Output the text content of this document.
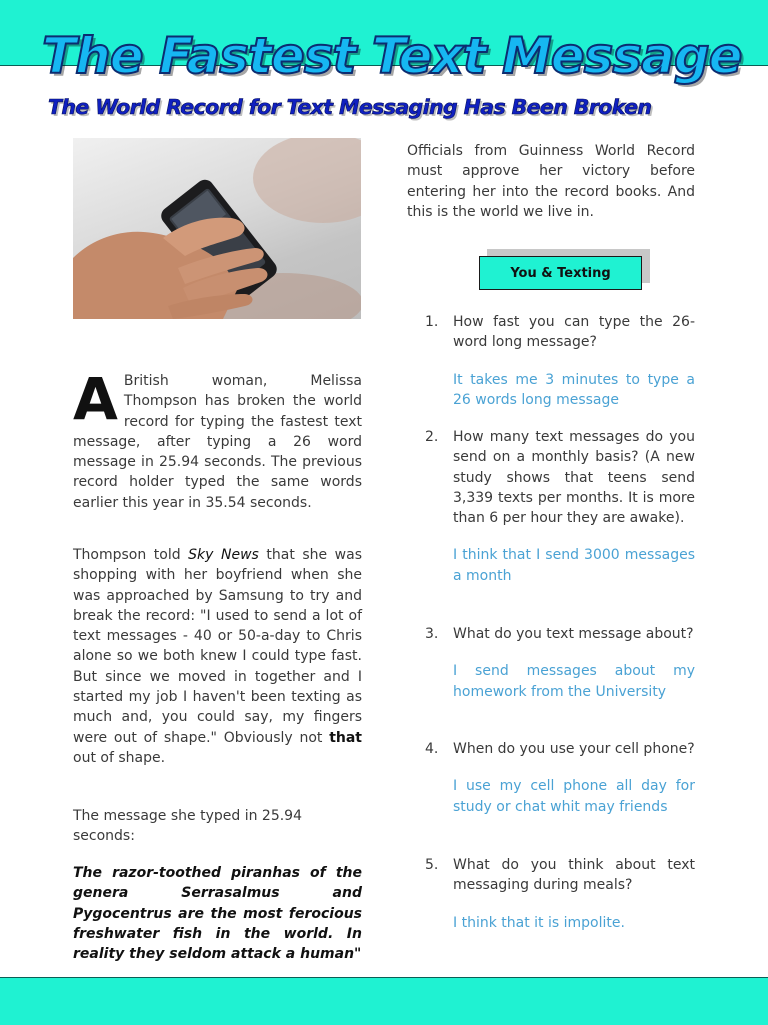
The Fastest Text Message
The World Record for Text Messaging Has Been Broken
A British woman, Melissa Thompson has broken the world record for typing the fastest text message, after typing a 26 word message in 25.94 seconds. The previous record holder typed the same words earlier this year in 35.54 seconds.

Thompson told Sky News that she was shopping with her boyfriend when she was approached by Samsung to try and break the record: "I used to send a lot of text messages - 40 or 50-a-day to Chris alone so we both knew I could type fast. But since we moved in together and I started my job I haven't been texting as much and, you could say, my fingers were out of shape." Obviously not that out of shape.

The message she typed in 25.94 seconds:

The razor-toothed piranhas of the genera Serrasalmus and Pygocentrus are the most ferocious freshwater fish in the world. In reality they seldom attack a human"

Officials from Guinness World Record must approve her victory before entering her into the record books. And this is the world we live in.

You & Texting
1.	How fast you can type the 26-word long message?
It takes me 3 minutes to type a 26 words long message
2.	How many text messages do you send on a monthly basis? (A new study shows that teens send 3,339 texts per months. It is more than 6 per hour they are awake).
I think that I send 3000 messages a month
3.	What do you text message about?
I send messages about my homework from the University
4.	When do you use your cell phone?
I use my cell phone all day for study or chat whit may friends
5.	What do you think about text messaging during meals?
I think that it is impolite.
